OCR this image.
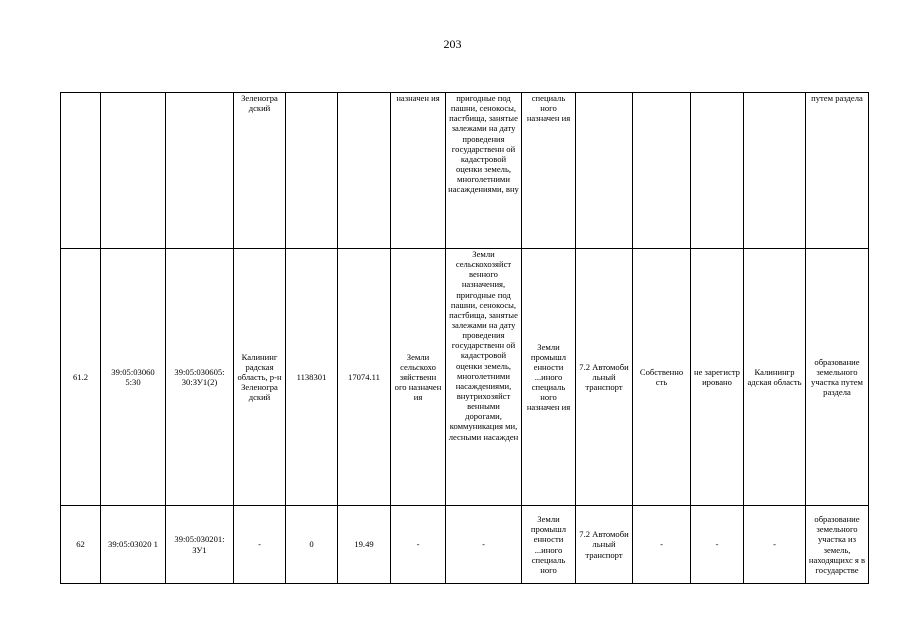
203
			Зеленогра дский			назначен ия	пригодные под пашни, сенокосы, пастбища, занятые залежами на дату проведения государственн ой кадастровой оценки земель, многолетними насаждениями, вну	специаль ного назначен ия					путем раздела
61.2	39:05:03060 5:30	39:05:030605: 30:ЗУ1(2)	Калининг радская область, р-н Зеленогра дский	1138301	17074.11	Земли сельскохо зяйственн ого назначен ия	Земли сельскохозяйст венного назначения, пригодные под пашни, сенокосы, пастбища, занятые залежами на дату проведения государственн ой кадастровой оценки земель, многолетними насаждениями, внутрихозяйст венными дорогами, коммуникация ми, лесными насажден	Земли промышл енности ...иного специаль ного назначен ия	7.2 Автомоби льный транспорт	Собственно сть	не зарегистр ировано	Калинингр адская область	образование земельного участка путем раздела
62	39:05:03020 1	39:05:030201: ЗУ1	-	0	19.49	-	-	Земли промышл енности ...иного специаль ного	7.2 Автомоби льный транспорт	-	-	-	образование земельного участка из земель, находящихс я в государстве
